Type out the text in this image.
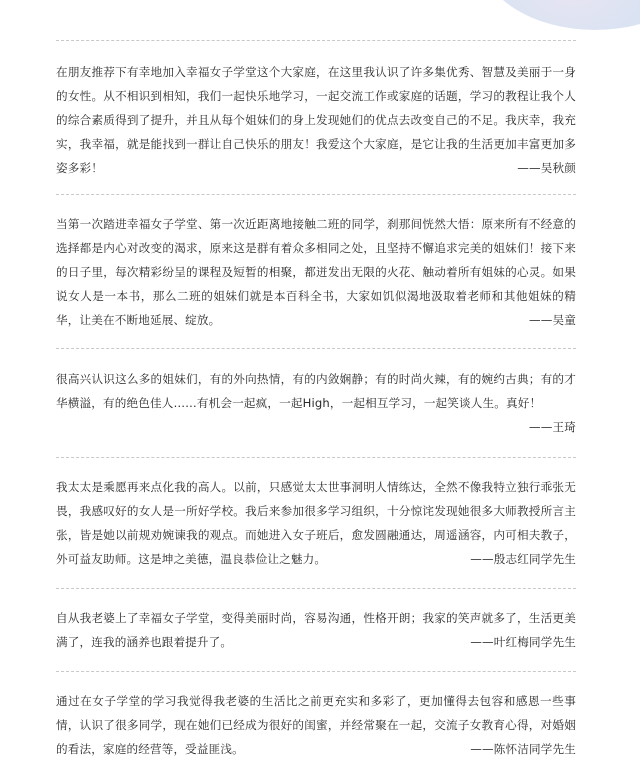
在朋友推荐下有幸地加入幸福女子学堂这个大家庭，在这里我认识了许多集优秀、智慧及美丽于一身的女性。从不相识到相知，我们一起快乐地学习，一起交流工作或家庭的话题，学习的教程让我个人的综合素质得到了提升，并且从每个姐妹们的身上发现她们的优点去改变自己的不足。我庆幸，我充实，我幸福，就是能找到一群让自己快乐的朋友！我爱这个大家庭，是它让我的生活更加丰富更加多姿多彩！	——吴秋颜

当第一次踏进幸福女子学堂、第一次近距离地接触二班的同学，刹那间恍然大悟：原来所有不经意的选择都是内心对改变的渴求，原来这是群有着众多相同之处，且坚持不懈追求完美的姐妹们！接下来的日子里，每次精彩纷呈的课程及短暂的相聚，都迸发出无限的火花、触动着所有姐妹的心灵。如果说女人是一本书，那么二班的姐妹们就是本百科全书，大家如饥似渴地汲取着老师和其他姐妹的精华，让美在不断地延展、绽放。	——吴童

很高兴认识这么多的姐妹们，有的外向热情，有的内敛娴静；有的时尚火辣，有的婉约古典；有的才华横溢，有的绝色佳人……有机会一起疯，一起High，一起相互学习，一起笑谈人生。真好！
——王琦

我太太是乘愿再来点化我的高人。以前，只感觉太太世事洞明人情练达，全然不像我特立独行乖张无畏，我感叹好的女人是一所好学校。我后来参加很多学习组织，十分惊诧发现她很多大师教授所言主张，皆是她以前规劝婉谏我的观点。而她进入女子班后，愈发圆融通达，周遥涵容，内可相夫教子，外可益友助师。这是坤之美德，温良恭俭让之魅力。	——殷志红同学先生

自从我老婆上了幸福女子学堂，变得美丽时尚，容易沟通，性格开朗；我家的笑声就多了，生活更美满了，连我的涵养也跟着提升了。	——叶红梅同学先生

通过在女子学堂的学习我觉得我老婆的生活比之前更充实和多彩了，更加懂得去包容和感恩一些事情，认识了很多同学，现在她们已经成为很好的闺蜜，并经常聚在一起，交流子女教育心得，对婚姻的看法，家庭的经营等，受益匪浅。	——陈怀洁同学先生
